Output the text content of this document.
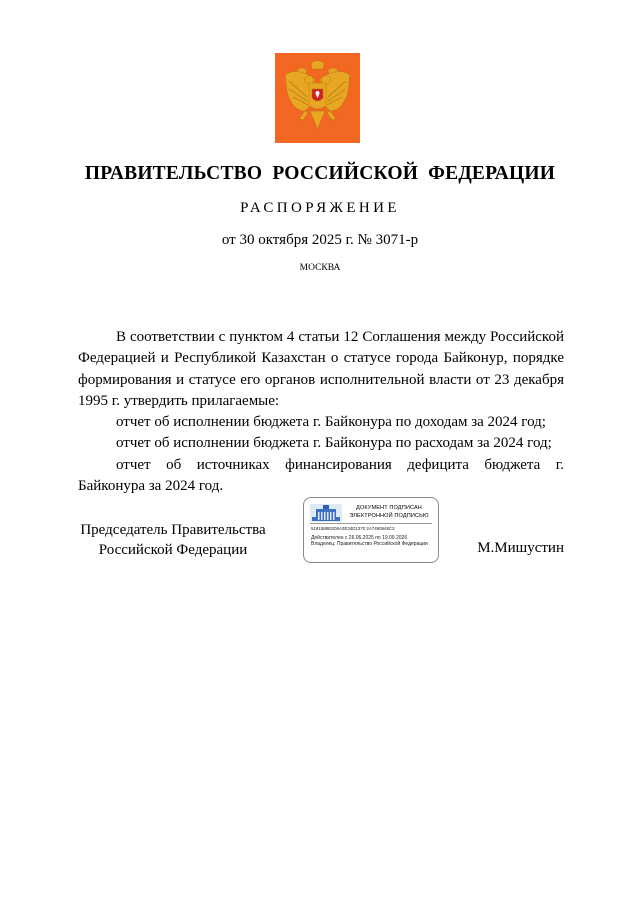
ПРАВИТЕЛЬСТВО РОССИЙСКОЙ ФЕДЕРАЦИИ
РАСПОРЯЖЕНИЕ
от 30 октября 2025 г. № 3071-р
МОСКВА

В соответствии с пунктом 4 статьи 12 Соглашения между Российской Федерацией и Республикой Казахстан о статусе города Байконур, порядке формирования и статусе его органов исполнительной власти от 23 декабря 1995 г. утвердить прилагаемые:

отчет об исполнении бюджета г. Байконура по доходам за 2024 год;

отчет об исполнении бюджета г. Байконура по расходам за 2024 год;

отчет об источниках финансирования дефицита бюджета г. Байконура за 2024 год.

Председатель Правительства
Российской Федерации
ДОКУМЕНТ ПОДПИСАН
ЭЛЕКТРОННОЙ ПОДПИСЬЮ
5181588E0D5A3E34D1370 2A7490948C3
Действителен с 26.06.2025 по 19.09.2026
Владелец: Правительство Российской Федерации	М.Мишустин
